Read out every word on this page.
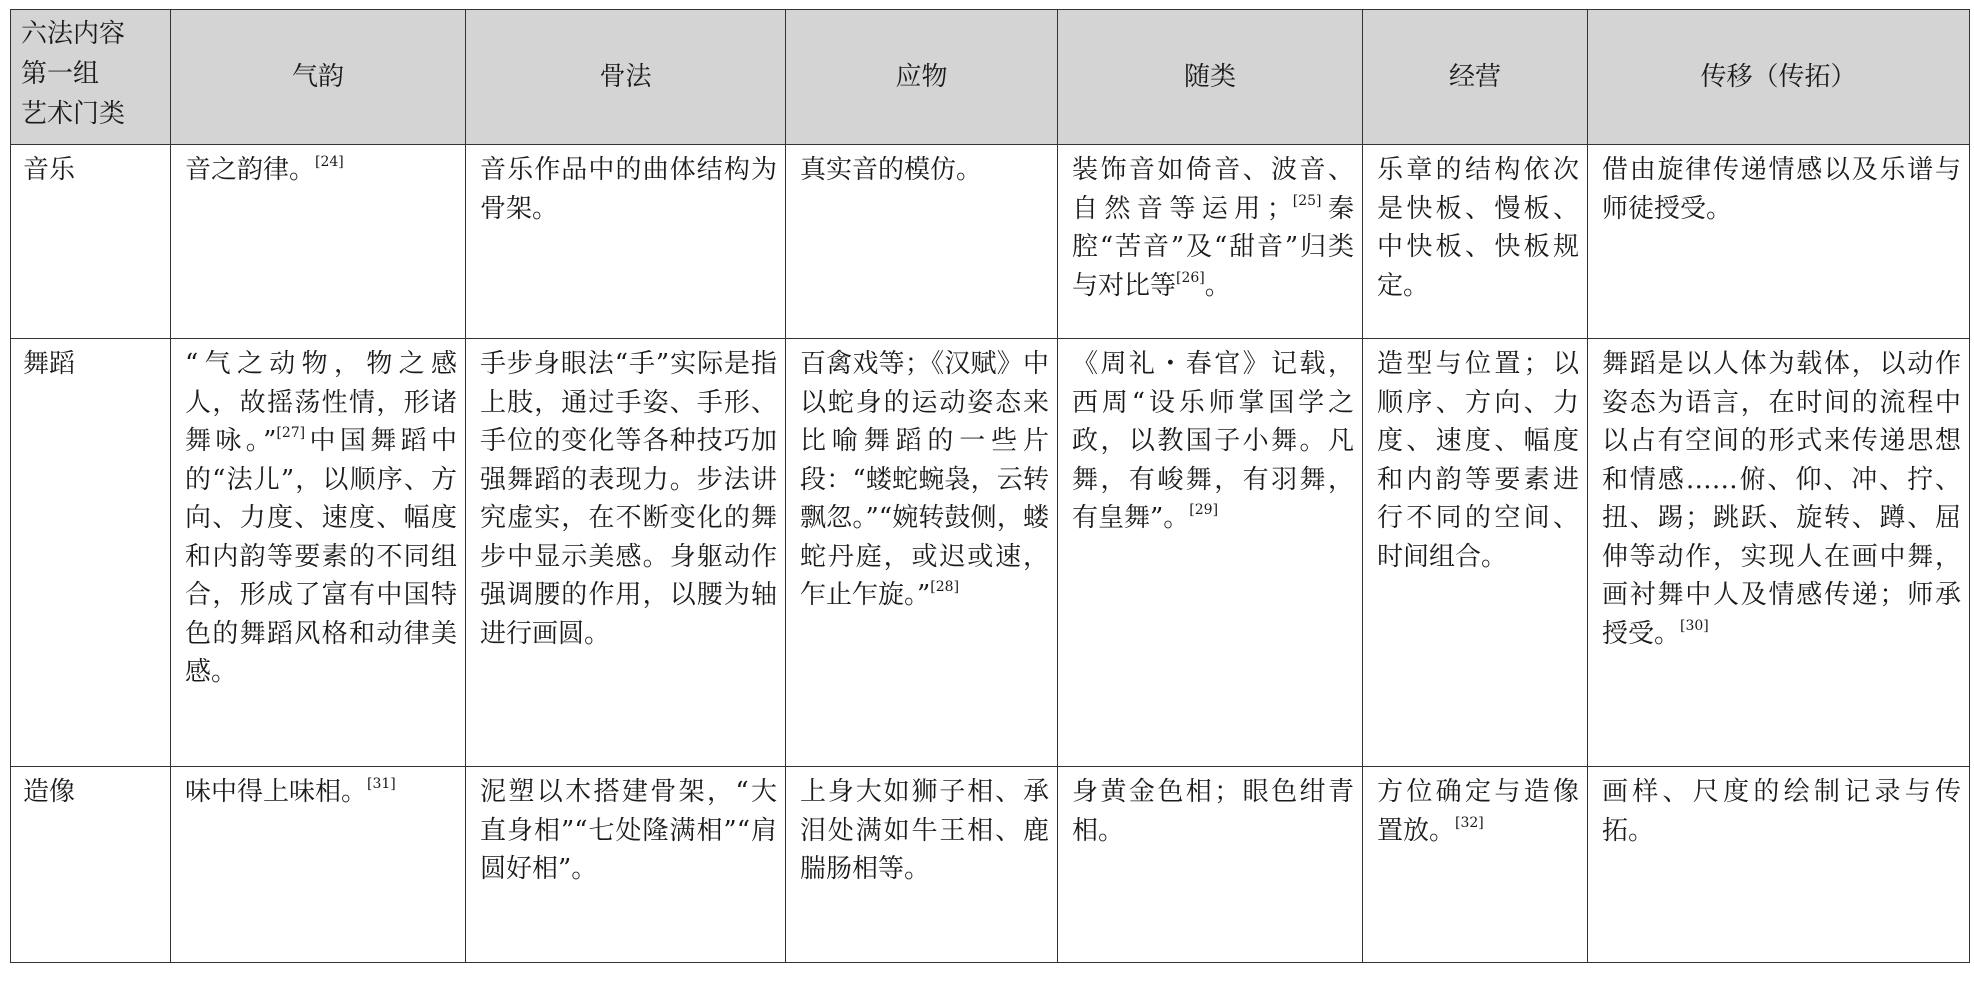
六法内容
第一组
艺术门类	气韵	骨法	应物	随类	经营	传移（传拓）
音乐	音之韵律。[24]	音乐作品中的曲体结构为骨架。	真实音的模仿。	装饰音如倚音、波音、自然音等运用；[25]秦腔“苦音”及“甜音”归类与对比等[26]。	乐章的结构依次是快板、慢板、中快板、快板规定。	借由旋律传递情感以及乐谱与师徒授受。
舞蹈	“气之动物，物之感人，故摇荡性情，形诸舞咏。”[27]中国舞蹈中的“法儿”，以顺序、方向、力度、速度、幅度和内韵等要素的不同组合，形成了富有中国特色的舞蹈风格和动律美感。	手步身眼法“手”实际是指上肢，通过手姿、手形、手位的变化等各种技巧加强舞蹈的表现力。步法讲究虚实，在不断变化的舞步中显示美感。身躯动作强调腰的作用，以腰为轴进行画圆。	百禽戏等；《汉赋》中以蛇身的运动姿态来比喻舞蹈的一些片段：“蝼蛇蜿袅，云转飘忽。”“婉转鼓侧，蝼蛇丹庭，或迟或速，乍止乍旋。”[28]	《周礼・春官》记载，西周“设乐师掌国学之政，以教国子小舞。凡舞，有峻舞，有羽舞，有皇舞”。[29]	造型与位置；以顺序、方向、力度、速度、幅度和内韵等要素进行不同的空间、时间组合。	舞蹈是以人体为载体，以动作姿态为语言，在时间的流程中以占有空间的形式来传递思想和情感……俯、仰、冲、拧、扭、踢；跳跃、旋转、蹲、屈伸等动作，实现人在画中舞，画衬舞中人及情感传递；师承授受。[30]
造像	味中得上味相。[31]	泥塑以木搭建骨架，“大直身相”“七处隆满相”“肩圆好相”。	上身大如狮子相、承泪处满如牛王相、鹿腨肠相等。	身黄金色相；眼色绀青相。	方位确定与造像置放。[32]	画样、尺度的绘制记录与传拓。
